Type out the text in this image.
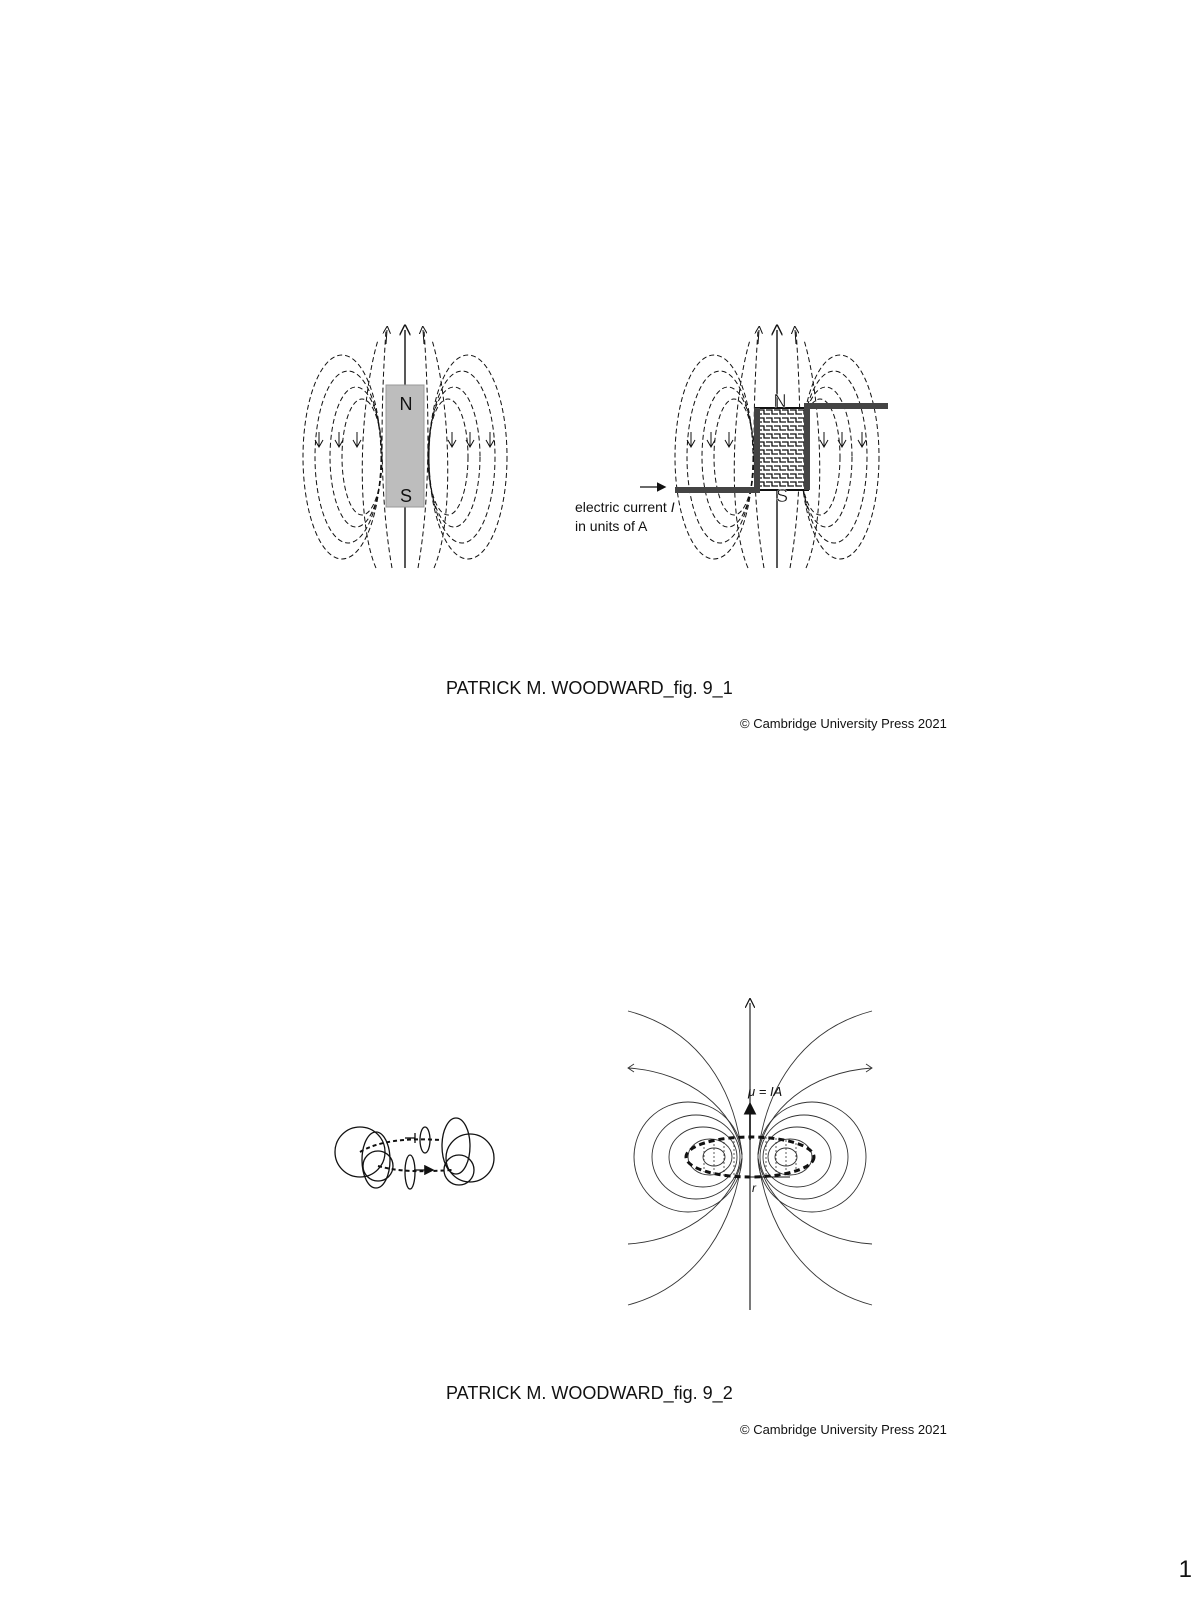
N
S
N
S
electric current I
in units of A
μ = IA
r
PATRICK M. WOODWARD_fig. 9_1
© Cambridge University Press 2021
PATRICK M. WOODWARD_fig. 9_2
© Cambridge University Press 2021
1
